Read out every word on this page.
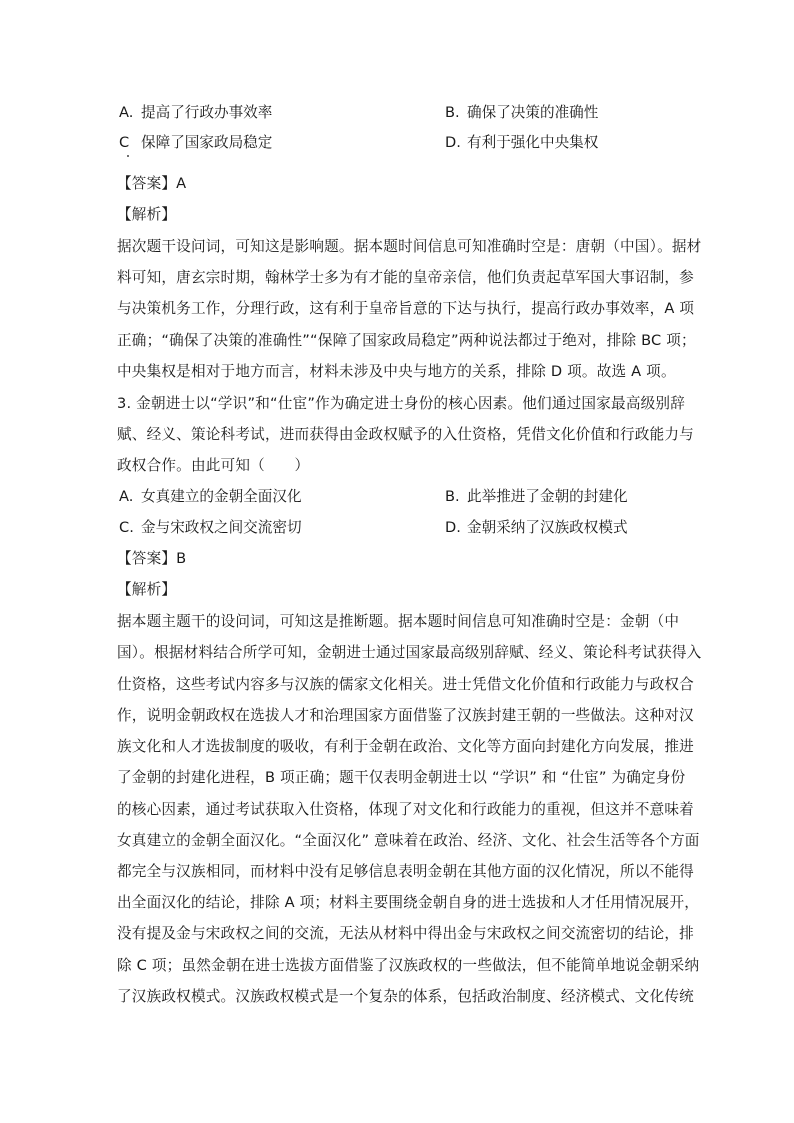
A. 提高了行政办事效率	B. 确保了决策的准确性
C 保障了国家政局稳定	D. 有利于强化中央集权
【答案】A
【解析】
据次题干设问词，可知这是影响题。据本题时间信息可知准确时空是：唐朝（中国）。据材
料可知，唐玄宗时期，翰林学士多为有才能的皇帝亲信，他们负责起草军国大事诏制，参
与决策机务工作，分理行政，这有利于皇帝旨意的下达与执行，提高行政办事效率，A 项
正确；“确保了决策的准确性”“保障了国家政局稳定”两种说法都过于绝对，排除 BC 项；
中央集权是相对于地方而言，材料未涉及中央与地方的关系，排除 D 项。故选 A 项。
3. 金朝进士以“学识”和“仕宦”作为确定进士身份的核心因素。他们通过国家最高级别辞
赋、经义、策论科考试，进而获得由金政权赋予的入仕资格，凭借文化价值和行政能力与
政权合作。由此可知（　　）
A. 女真建立的金朝全面汉化	B. 此举推进了金朝的封建化
C. 金与宋政权之间交流密切	D. 金朝采纳了汉族政权模式
【答案】B
【解析】
据本题主题干的设问词，可知这是推断题。据本题时间信息可知准确时空是：金朝（中
国）。根据材料结合所学可知，金朝进士通过国家最高级别辞赋、经义、策论科考试获得入
仕资格，这些考试内容多与汉族的儒家文化相关。进士凭借文化价值和行政能力与政权合
作，说明金朝政权在选拔人才和治理国家方面借鉴了汉族封建王朝的一些做法。这种对汉
族文化和人才选拔制度的吸收，有利于金朝在政治、文化等方面向封建化方向发展，推进
了金朝的封建化进程，B 项正确；题干仅表明金朝进士以 “学识” 和 “仕宦” 为确定身份
的核心因素，通过考试获取入仕资格，体现了对文化和行政能力的重视，但这并不意味着
女真建立的金朝全面汉化。“全面汉化” 意味着在政治、经济、文化、社会生活等各个方面
都完全与汉族相同，而材料中没有足够信息表明金朝在其他方面的汉化情况，所以不能得
出全面汉化的结论，排除 A 项；材料主要围绕金朝自身的进士选拔和人才任用情况展开，
没有提及金与宋政权之间的交流，无法从材料中得出金与宋政权之间交流密切的结论，排
除 C 项；虽然金朝在进士选拔方面借鉴了汉族政权的一些做法，但不能简单地说金朝采纳
了汉族政权模式。汉族政权模式是一个复杂的体系，包括政治制度、经济模式、文化传统
